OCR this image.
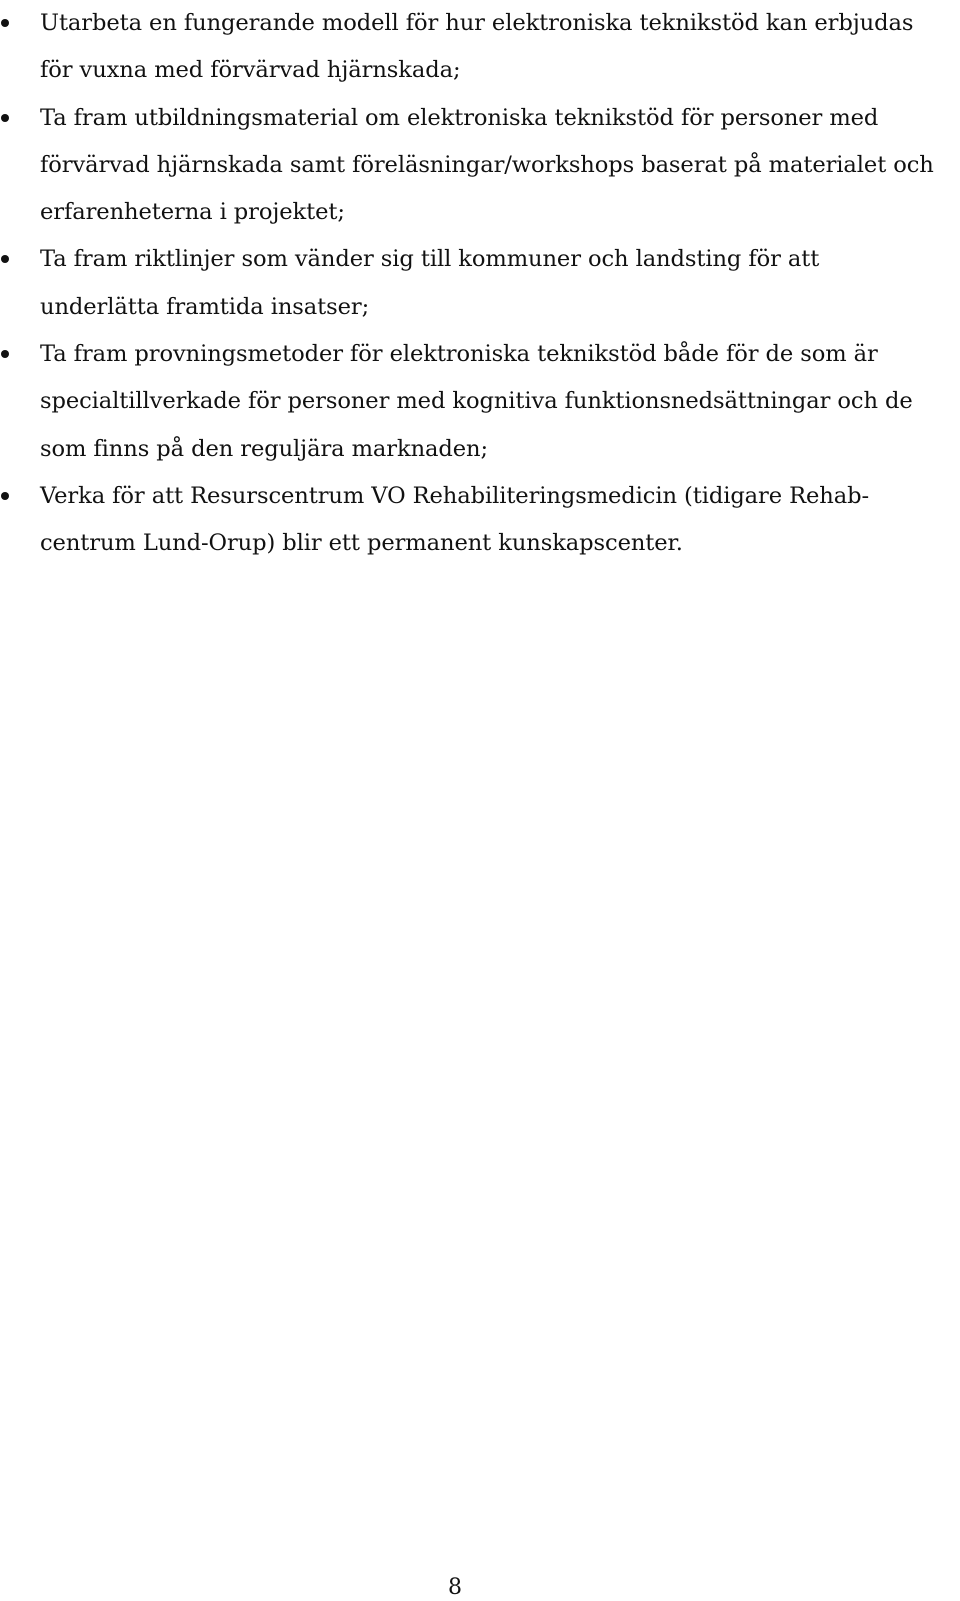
Utarbeta en fungerande modell för hur elektroniska teknikstöd kan erbjudas för vuxna med förvärvad hjärnskada;
Ta fram utbildningsmaterial om elektroniska teknikstöd för personer med förvärvad hjärnskada samt föreläsningar/workshops baserat på materialet och erfarenheterna i projektet;
Ta fram riktlinjer som vänder sig till kommuner och landsting för att underlätta framtida insatser;
Ta fram provningsmetoder för elektroniska teknikstöd både för de som är specialtillverkade för personer med kognitiva funktionsnedsättningar och de som finns på den reguljära marknaden;
Verka för att Resurscentrum VO Rehabiliteringsmedicin (tidigare Rehab-centrum Lund-Orup) blir ett permanent kunskapscenter.
8
